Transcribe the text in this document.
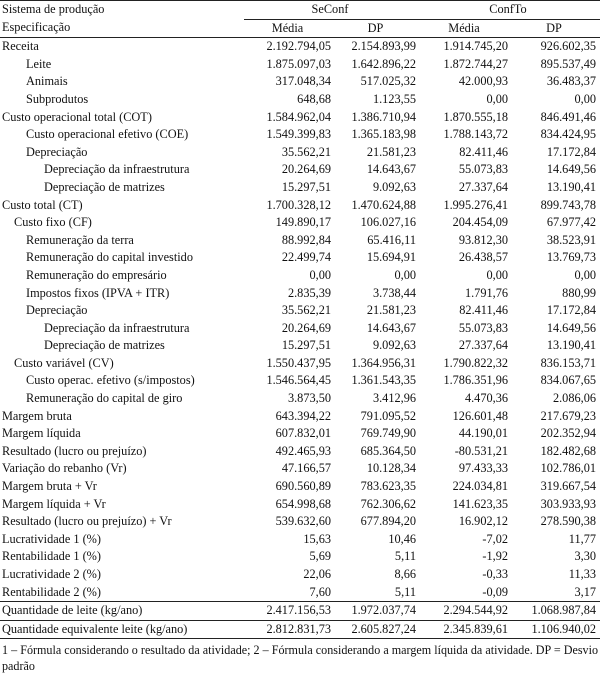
Sistema de produção	SeConf		ConfTo	
Especificação	Média	DP	Média	DP
Receita	2.192.794,05	2.154.893,99	1.914.745,20	926.602,35
Leite	1.875.097,03	1.642.896,22	1.872.744,27	895.537,49
Animais	317.048,34	517.025,32	42.000,93	36.483,37
Subprodutos	648,68	1.123,55	0,00	0,00
Custo operacional total (COT)	1.584.962,04	1.386.710,94	1.870.555,18	846.491,46
Custo operacional efetivo (COE)	1.549.399,83	1.365.183,98	1.788.143,72	834.424,95
Depreciação	35.562,21	21.581,23	82.411,46	17.172,84
Depreciação da infraestrutura	20.264,69	14.643,67	55.073,83	14.649,56
Depreciação de matrizes	15.297,51	9.092,63	27.337,64	13.190,41
Custo total (CT)	1.700.328,12	1.470.624,88	1.995.276,41	899.743,78
Custo fixo (CF)	149.890,17	106.027,16	204.454,09	67.977,42
Remuneração da terra	88.992,84	65.416,11	93.812,30	38.523,91
Remuneração do capital investido	22.499,74	15.694,91	26.438,57	13.769,73
Remuneração do empresário	0,00	0,00	0,00	0,00
Impostos fixos (IPVA + ITR)	2.835,39	3.738,44	1.791,76	880,99
Depreciação	35.562,21	21.581,23	82.411,46	17.172,84
Depreciação da infraestrutura	20.264,69	14.643,67	55.073,83	14.649,56
Depreciação de matrizes	15.297,51	9.092,63	27.337,64	13.190,41
Custo variável (CV)	1.550.437,95	1.364.956,31	1.790.822,32	836.153,71
Custo operac. efetivo (s/impostos)	1.546.564,45	1.361.543,35	1.786.351,96	834.067,65
Remuneração do capital de giro	3.873,50	3.412,96	4.470,36	2.086,06
Margem bruta	643.394,22	791.095,52	126.601,48	217.679,23
Margem líquida	607.832,01	769.749,90	44.190,01	202.352,94
Resultado (lucro ou prejuízo)	492.465,93	685.364,50	-80.531,21	182.482,68
Variação do rebanho (Vr)	47.166,57	10.128,34	97.433,33	102.786,01
Margem bruta + Vr	690.560,89	783.623,35	224.034,81	319.667,54
Margem líquida + Vr	654.998,68	762.306,62	141.623,35	303.933,93
Resultado (lucro ou prejuízo) + Vr	539.632,60	677.894,20	16.902,12	278.590,38
Lucratividade 1 (%)	15,63	10,46	-7,02	11,77
Rentabilidade 1 (%)	5,69	5,11	-1,92	3,30
Lucratividade 2 (%)	22,06	8,66	-0,33	11,33
Rentabilidade 2 (%)	7,60	5,11	-0,09	3,17
Quantidade de leite (kg/ano)	2.417.156,53	1.972.037,74	2.294.544,92	1.068.987,84
Quantidade equivalente leite (kg/ano)	2.812.831,73	2.605.827,24	2.345.839,61	1.106.940,02
1 – Fórmula considerando o resultado da atividade; 2 – Fórmula considerando a margem líquida da atividade. DP = Desvio padrão
